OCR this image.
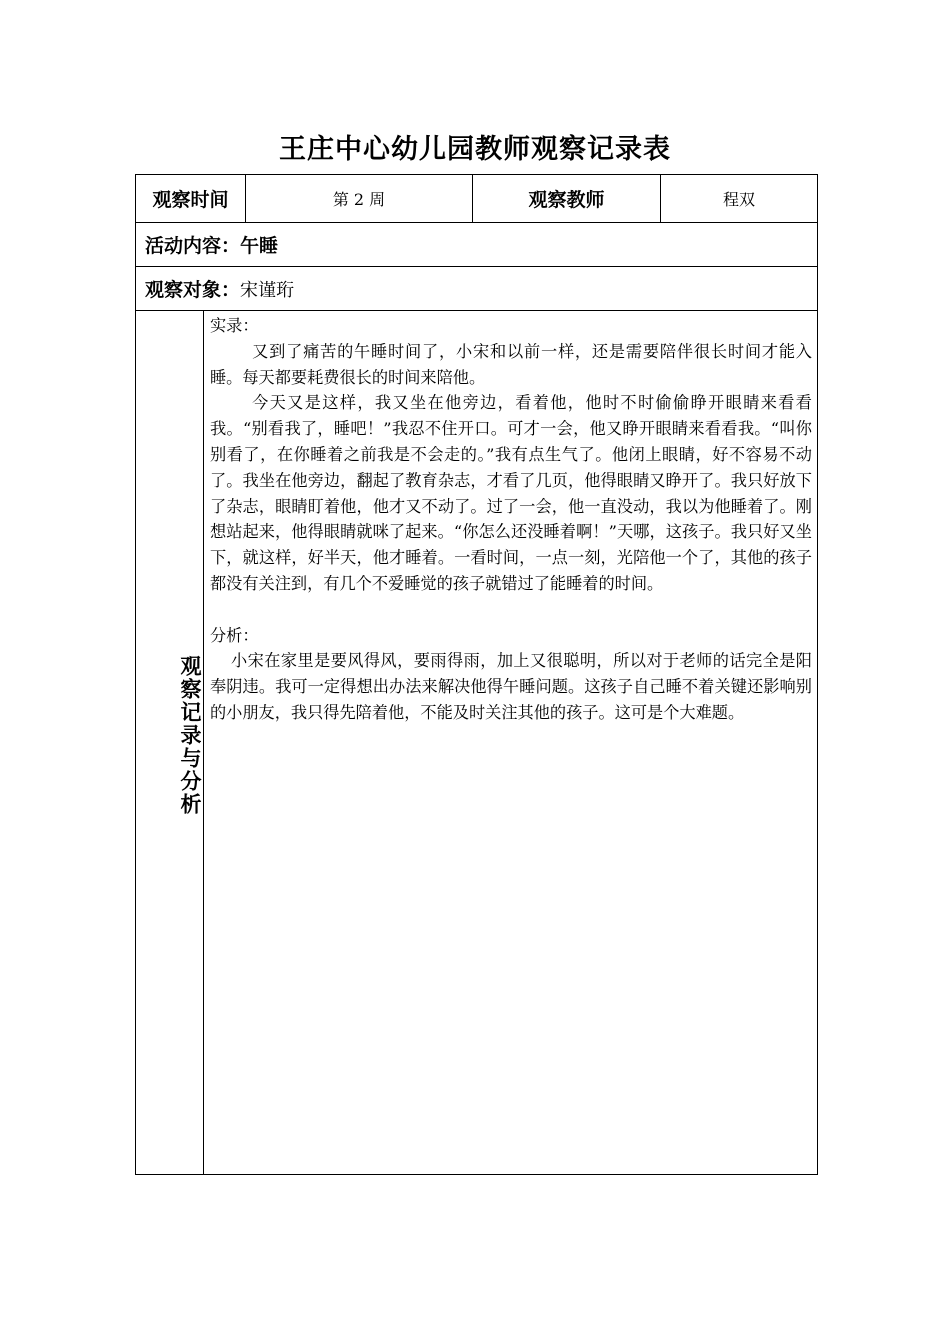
王庄中心幼儿园教师观察记录表
观察时间	第 2 周	观察教师	程双
活动内容： 午睡
观察对象： 宋谨珩
观察记录与分析

实录：

又到了痛苦的午睡时间了，小宋和以前一样，还是需要陪伴很长时间才能入睡。每天都要耗费很长的时间来陪他。

今天又是这样，我又坐在他旁边，看着他，他时不时偷偷睁开眼睛来看看我。“别看我了，睡吧！”我忍不住开口。可才一会，他又睁开眼睛来看看我。“叫你别看了，在你睡着之前我是不会走的。”我有点生气了。他闭上眼睛，好不容易不动了。我坐在他旁边，翻起了教育杂志，才看了几页，他得眼睛又睁开了。我只好放下了杂志，眼睛盯着他，他才又不动了。过了一会，他一直没动，我以为他睡着了。刚想站起来，他得眼睛就咪了起来。“你怎么还没睡着啊！”天哪，这孩子。我只好又坐下，就这样，好半天，他才睡着。一看时间，一点一刻，光陪他一个了，其他的孩子都没有关注到，有几个不爱睡觉的孩子就错过了能睡着的时间。

分析：

小宋在家里是要风得风，要雨得雨，加上又很聪明，所以对于老师的话完全是阳奉阴违。我可一定得想出办法来解决他得午睡问题。这孩子自己睡不着关键还影响别的小朋友，我只得先陪着他，不能及时关注其他的孩子。这可是个大难题。
